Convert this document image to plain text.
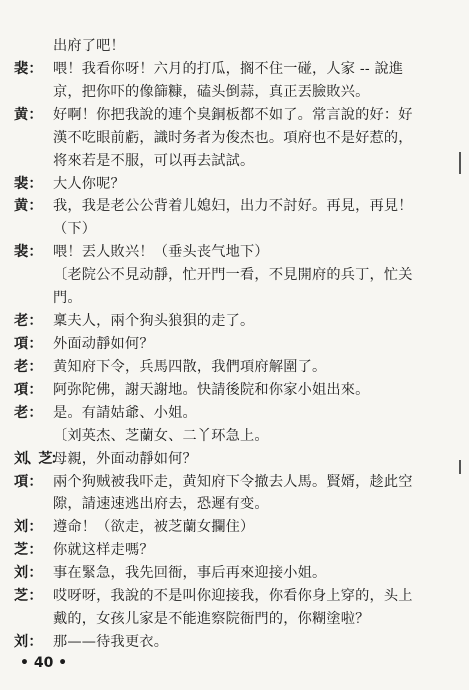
出府了吧！
裴： 喂！我看你呀！六月的打瓜，搁不住一碰，人家 -- 說進
京，把你吓的像篩糠，磕头倒蒜，真正丟臉敗兴。
黄： 好啊！你把我說的連个臭銅板都不如了。常言說的好：好
漢不吃眼前虧，識时务者为俊杰也。項府也不是好惹的，
将來若是不服，可以再去試試。
裴： 大人你呢？
黄： 我，我是老公公背着儿媳妇，出力不討好。再見，再見！
（下）
裴： 喂！丟人敗兴！（垂头丧气地下）
〔老院公不見动靜，忙开門一看，不見開府的兵丁，忙关
門。
老： 稟夫人，兩个狗头狼狽的走了。
項： 外面动靜如何？
老： 黄知府下令，兵馬四散，我們項府解圍了。
項： 阿弥陀佛，謝天謝地。快請後院和你家小姐出來。
老： 是。有請姑爺、小姐。
〔刘英杰、芝蘭女、二丫环急上。
刘、芝：
母親，外面动靜如何？
項： 兩个狗贼被我吓走，黄知府下令撤去人馬。賢婿，趁此空
隙，請速速逃出府去，恐遲有变。
刘： 遵命！（欲走，被芝蘭女攔住）
芝： 你就这样走嗎？
刘： 事在緊急，我先回衙，事后再來迎接小姐。
芝： 哎呀呀，我說的不是叫你迎接我，你看你身上穿的，头上
戴的，女孩儿家是不能進察院衙門的，你糊塗啦？
刘： 那——待我更衣。
• 40 •
